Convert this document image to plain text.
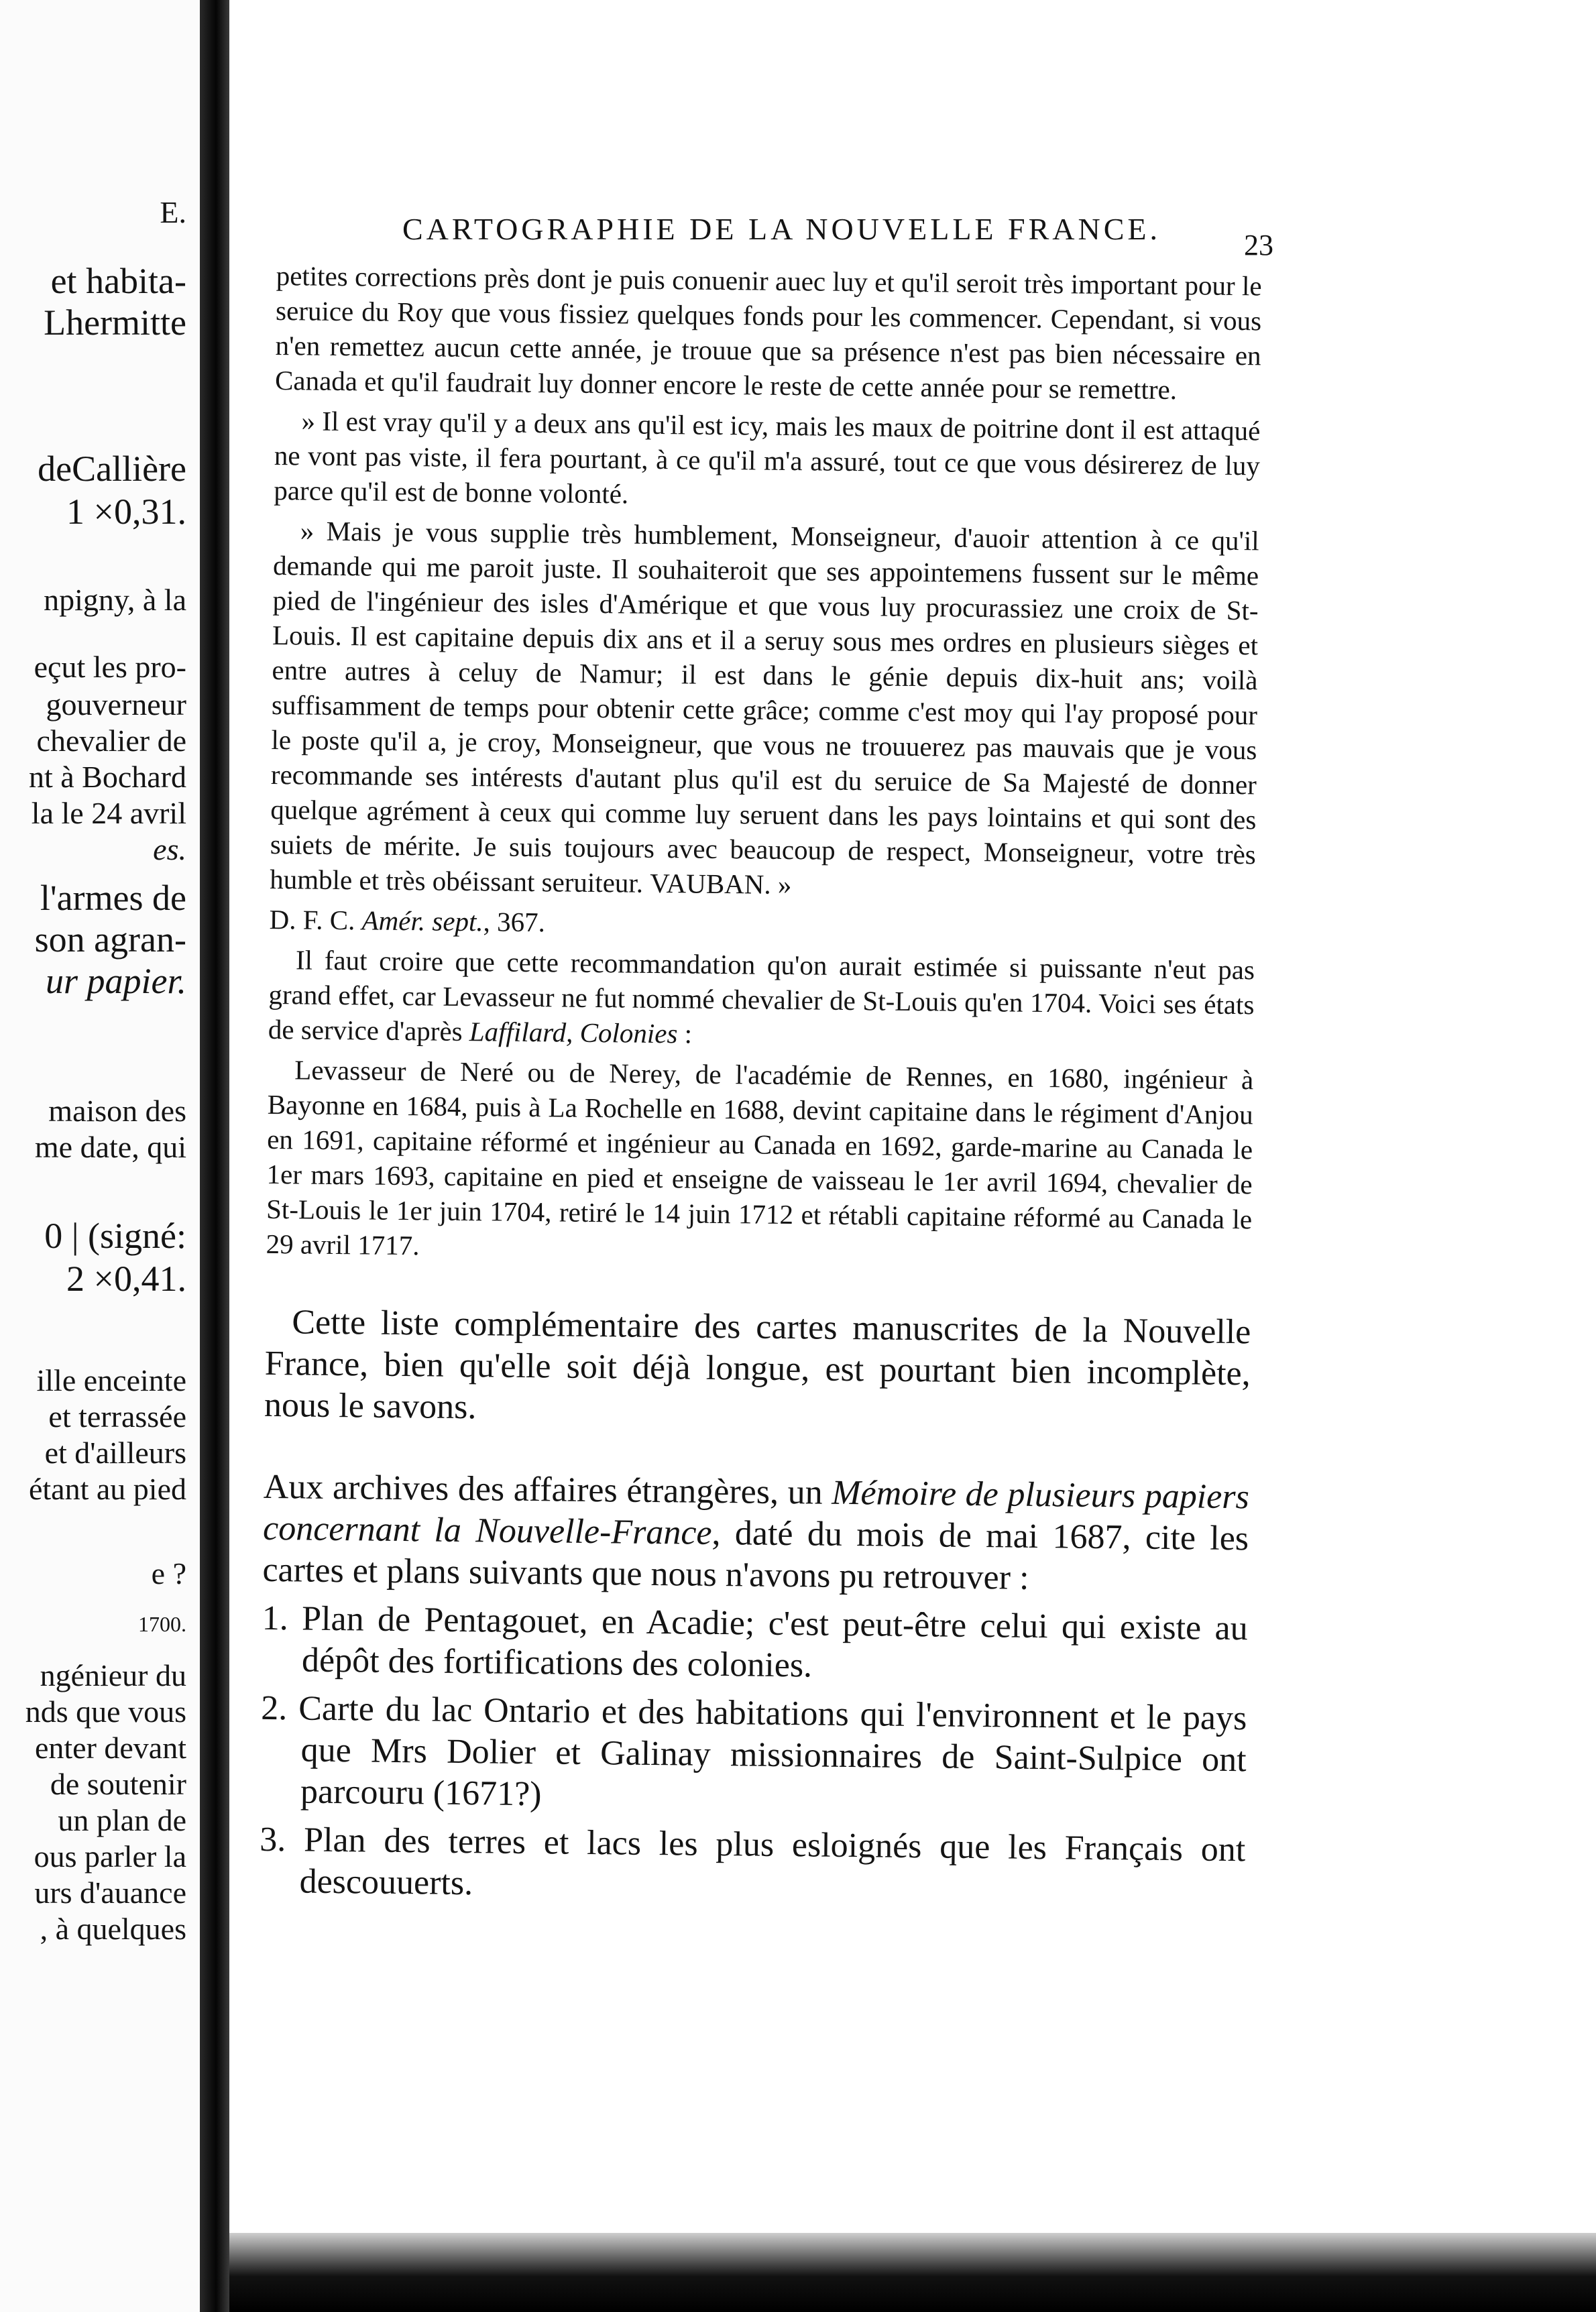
E.
et habita-
Lhermitte
deCallière
1 ×0,31.
npigny, à la
eçut les pro-
gouverneur
chevalier de
nt à Bochard
la le 24 avril
es.
l'armes de
son agran-
ur papier.
maison des
me date, qui
0 | (signé:
2 ×0,41.
ille enceinte
et terrassée
et d'ailleurs
étant au pied
e ?
1700.
ngénieur du
nds que vous
enter devant
de soutenir
un plan de
ous parler la
urs d'auance
, à quelques
CARTOGRAPHIE DE LA NOUVELLE FRANCE.	23

petites corrections près dont je puis conuenir auec luy et qu'il seroit très important pour le seruice du Roy que vous fissiez quelques fonds pour les commencer. Cependant, si vous n'en remettez aucun cette année, je trouue que sa présence n'est pas bien nécessaire en Canada et qu'il faudrait luy donner encore le reste de cette année pour se remettre.

» Il est vray qu'il y a deux ans qu'il est icy, mais les maux de poitrine dont il est attaqué ne vont pas viste, il fera pourtant, à ce qu'il m'a assuré, tout ce que vous désirerez de luy parce qu'il est de bonne volonté.

» Mais je vous supplie très humblement, Monseigneur, d'auoir attention à ce qu'il demande qui me paroit juste. Il souhaiteroit que ses appointemens fussent sur le même pied de l'ingénieur des isles d'Amérique et que vous luy procurassiez une croix de St-Louis. Il est capitaine depuis dix ans et il a seruy sous mes ordres en plusieurs sièges et entre autres à celuy de Namur; il est dans le génie depuis dix-huit ans; voilà suffisamment de temps pour obtenir cette grâce; comme c'est moy qui l'ay proposé pour le poste qu'il a, je croy, Monseigneur, que vous ne trouuerez pas mauvais que je vous recommande ses intérests d'autant plus qu'il est du seruice de Sa Majesté de donner quelque agrément à ceux qui comme luy seruent dans les pays lointains et qui sont des suiets de mérite. Je suis toujours avec beaucoup de respect, Monseigneur, votre très humble et très obéissant seruiteur. VAUBAN. »

D. F. C. Amér. sept., 367.

Il faut croire que cette recommandation qu'on aurait estimée si puissante n'eut pas grand effet, car Levasseur ne fut nommé chevalier de St-Louis qu'en 1704. Voici ses états de service d'après Laffilard, Colonies :

Levasseur de Neré ou de Nerey, de l'académie de Rennes, en 1680, ingénieur à Bayonne en 1684, puis à La Rochelle en 1688, devint capitaine dans le régiment d'Anjou en 1691, capitaine réformé et ingénieur au Canada en 1692, garde-marine au Canada le 1er mars 1693, capitaine en pied et enseigne de vaisseau le 1er avril 1694, chevalier de St-Louis le 1er juin 1704, retiré le 14 juin 1712 et rétabli capitaine réformé au Canada le 29 avril 1717.

Cette liste complémentaire des cartes manuscrites de la Nouvelle France, bien qu'elle soit déjà longue, est pourtant bien incomplète, nous le savons.

Aux archives des affaires étrangères, un Mémoire de plusieurs papiers concernant la Nouvelle-France, daté du mois de mai 1687, cite les cartes et plans suivants que nous n'avons pu retrouver :

1. Plan de Pentagouet, en Acadie; c'est peut-être celui qui existe au dépôt des fortifications des colonies.

2. Carte du lac Ontario et des habitations qui l'environnent et le pays que Mrs Dolier et Galinay missionnaires de Saint-Sulpice ont parcouru (1671?)

3. Plan des terres et lacs les plus esloignés que les Français ont descouuerts.
